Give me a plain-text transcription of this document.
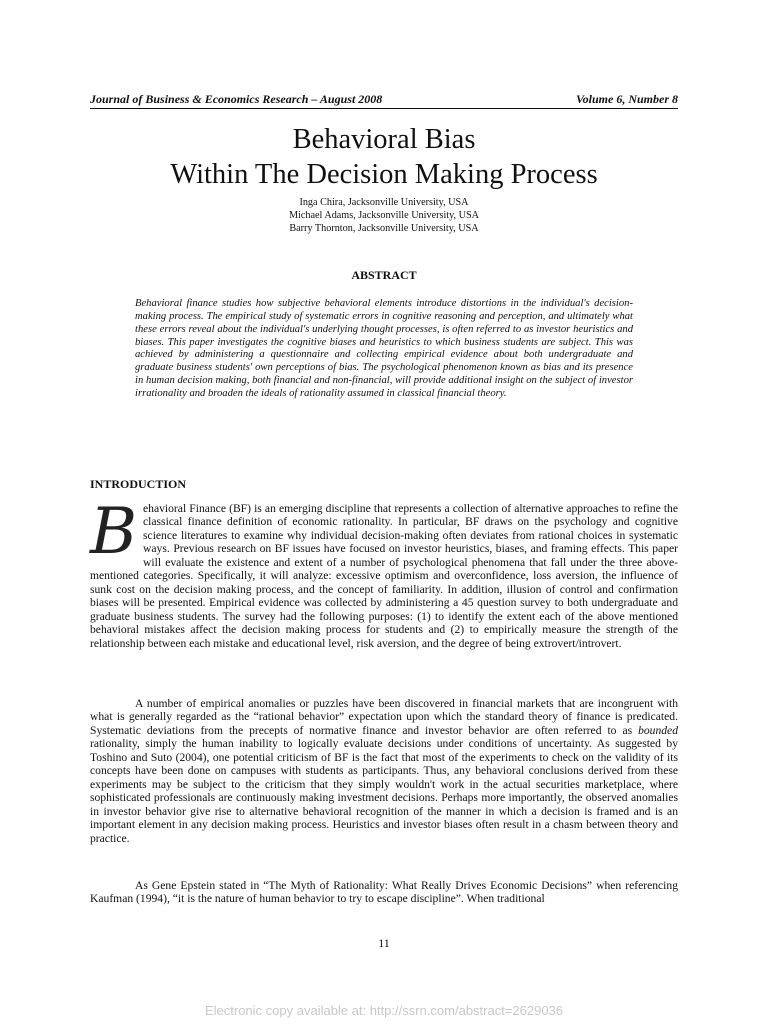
Journal of Business & Economics Research – August 2008	Volume 6, Number 8
Behavioral Bias
Within The Decision Making Process
Inga Chira, Jacksonville University, USA
Michael Adams, Jacksonville University, USA
Barry Thornton, Jacksonville University, USA
ABSTRACT
Behavioral finance studies how subjective behavioral elements introduce distortions in the individual's decision-making process. The empirical study of systematic errors in cognitive reasoning and perception, and ultimately what these errors reveal about the individual's underlying thought processes, is often referred to as investor heuristics and biases. This paper investigates the cognitive biases and heuristics to which business students are subject. This was achieved by administering a questionnaire and collecting empirical evidence about both undergraduate and graduate business students' own perceptions of bias. The psychological phenomenon known as bias and its presence in human decision making, both financial and non-financial, will provide additional insight on the subject of investor irrationality and broaden the ideals of rationality assumed in classical financial theory.
INTRODUCTION
Behavioral Finance (BF) is an emerging discipline that represents a collection of alternative approaches to refine the classical finance definition of economic rationality. In particular, BF draws on the psychology and cognitive science literatures to examine why individual decision-making often deviates from rational choices in systematic ways. Previous research on BF issues have focused on investor heuristics, biases, and framing effects. This paper will evaluate the existence and extent of a number of psychological phenomena that fall under the three above-mentioned categories. Specifically, it will analyze: excessive optimism and overconfidence, loss aversion, the influence of sunk cost on the decision making process, and the concept of familiarity. In addition, illusion of control and confirmation biases will be presented. Empirical evidence was collected by administering a 45 question survey to both undergraduate and graduate business students. The survey had the following purposes: (1) to identify the extent each of the above mentioned behavioral mistakes affect the decision making process for students and (2) to empirically measure the strength of the relationship between each mistake and educational level, risk aversion, and the degree of being extrovert/introvert.
A number of empirical anomalies or puzzles have been discovered in financial markets that are incongruent with what is generally regarded as the “rational behavior” expectation upon which the standard theory of finance is predicated. Systematic deviations from the precepts of normative finance and investor behavior are often referred to as bounded rationality, simply the human inability to logically evaluate decisions under conditions of uncertainty. As suggested by Toshino and Suto (2004), one potential criticism of BF is the fact that most of the experiments to check on the validity of its concepts have been done on campuses with students as participants. Thus, any behavioral conclusions derived from these experiments may be subject to the criticism that they simply wouldn't work in the actual securities marketplace, where sophisticated professionals are continuously making investment decisions. Perhaps more importantly, the observed anomalies in investor behavior give rise to alternative behavioral recognition of the manner in which a decision is framed and is an important element in any decision making process. Heuristics and investor biases often result in a chasm between theory and practice.
As Gene Epstein stated in “The Myth of Rationality: What Really Drives Economic Decisions” when referencing Kaufman (1994), “it is the nature of human behavior to try to escape discipline”. When traditional
11
Electronic copy available at: http://ssrn.com/abstract=2629036
